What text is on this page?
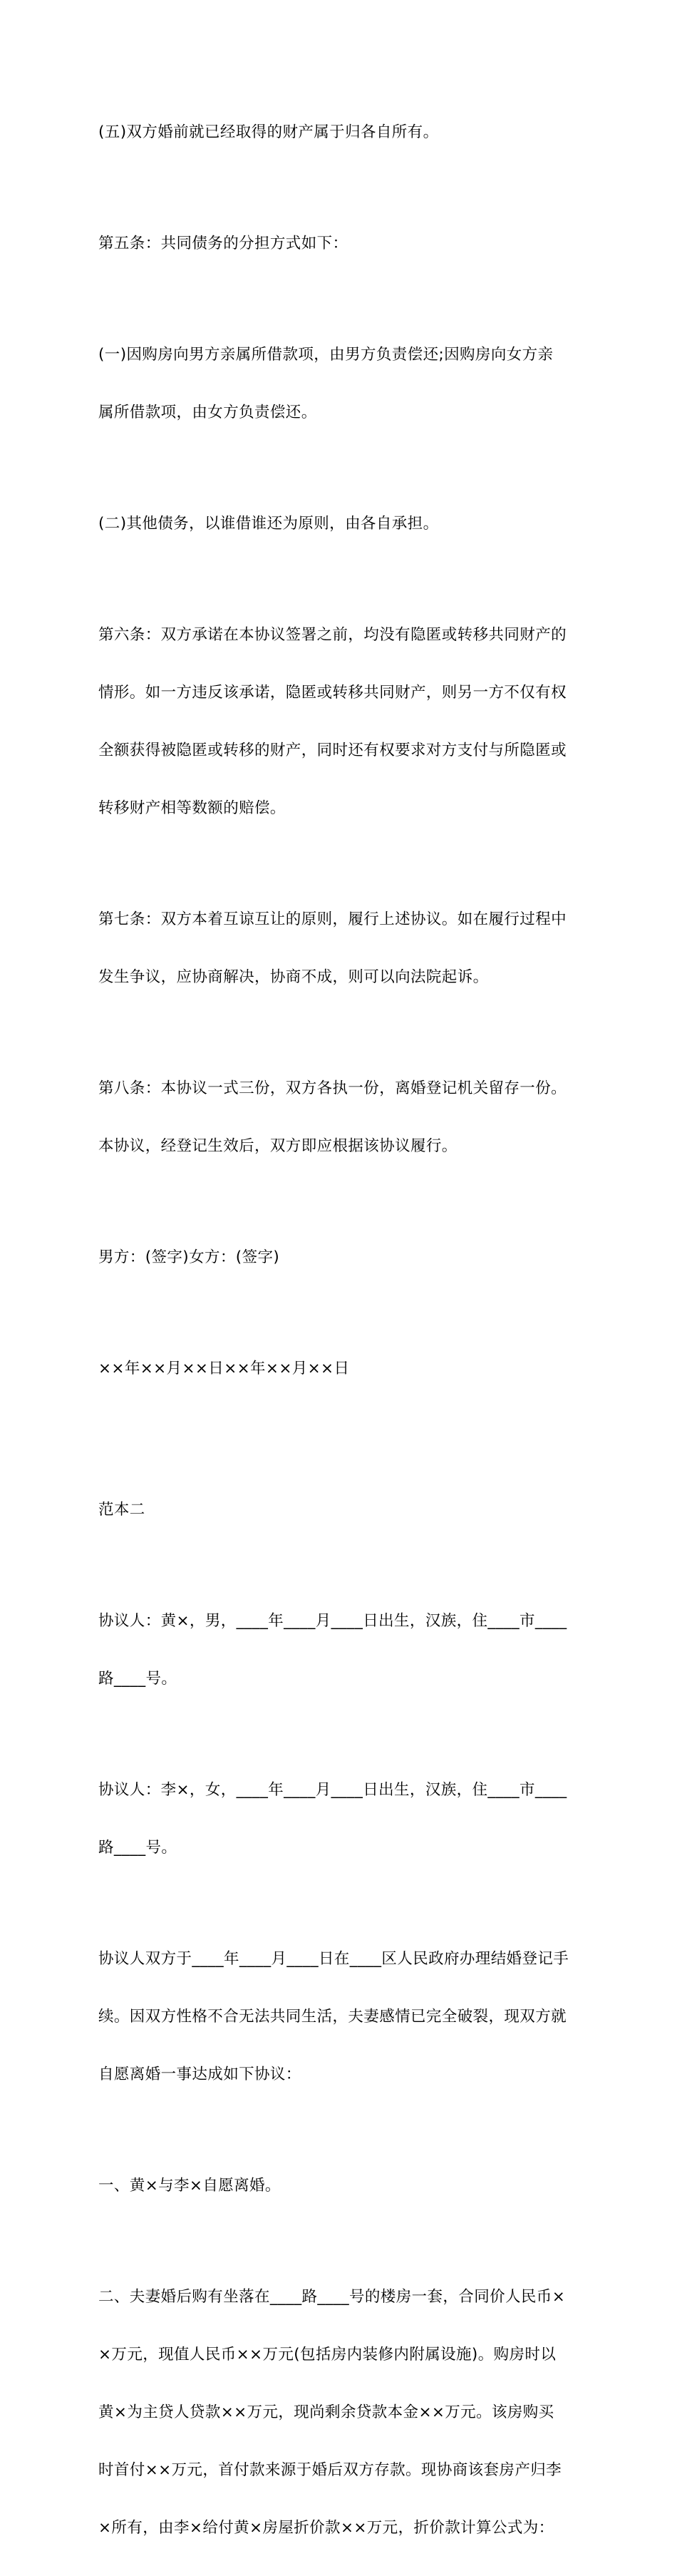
(五)双方婚前就已经取得的财产属于归各自所有。

第五条：共同债务的分担方式如下：

(一)因购房向男方亲属所借款项，由男方负责偿还;因购房向女方亲

属所借款项，由女方负责偿还。

(二)其他债务，以谁借谁还为原则，由各自承担。

第六条：双方承诺在本协议签署之前，均没有隐匿或转移共同财产的

情形。如一方违反该承诺，隐匿或转移共同财产，则另一方不仅有权

全额获得被隐匿或转移的财产，同时还有权要求对方支付与所隐匿或

转移财产相等数额的赔偿。

第七条：双方本着互谅互让的原则，履行上述协议。如在履行过程中

发生争议，应协商解决，协商不成，则可以向法院起诉。

第八条：本协议一式三份，双方各执一份，离婚登记机关留存一份。

本协议，经登记生效后，双方即应根据该协议履行。

男方：(签字)女方：(签字)

××年××月××日××年××月××日

范本二

协议人：黄×，男，____年____月____日出生，汉族，住____市____

路____号。

协议人：李×，女，____年____月____日出生，汉族，住____市____

路____号。

协议人双方于____年____月____日在____区人民政府办理结婚登记手

续。因双方性格不合无法共同生活，夫妻感情已完全破裂，现双方就

自愿离婚一事达成如下协议：

一、黄×与李×自愿离婚。

二、夫妻婚后购有坐落在____路____号的楼房一套，合同价人民币×

×万元，现值人民币××万元(包括房内装修内附属设施)。购房时以

黄×为主贷人贷款××万元，现尚剩余贷款本金××万元。该房购买

时首付××万元，首付款来源于婚后双方存款。现协商该套房产归李

×所有，由李×给付黄×房屋折价款××万元，折价款计算公式为：
